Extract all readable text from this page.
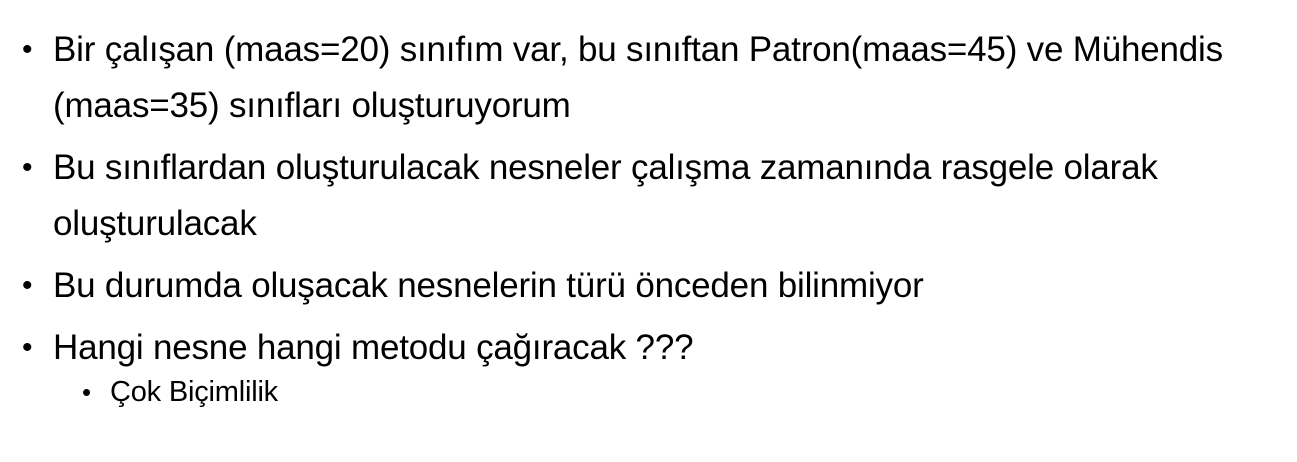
• Bir çalışan (maas=20) sınıfım var, bu sınıftan Patron(maas=45) ve Mühendis (maas=35) sınıfları oluşturuyorum
• Bu sınıflardan oluşturulacak nesneler çalışma zamanında rasgele olarak oluşturulacak
• Bu durumda oluşacak nesnelerin türü önceden bilinmiyor
• Hangi nesne hangi metodu çağıracak ???
• Çok Biçimlilik
